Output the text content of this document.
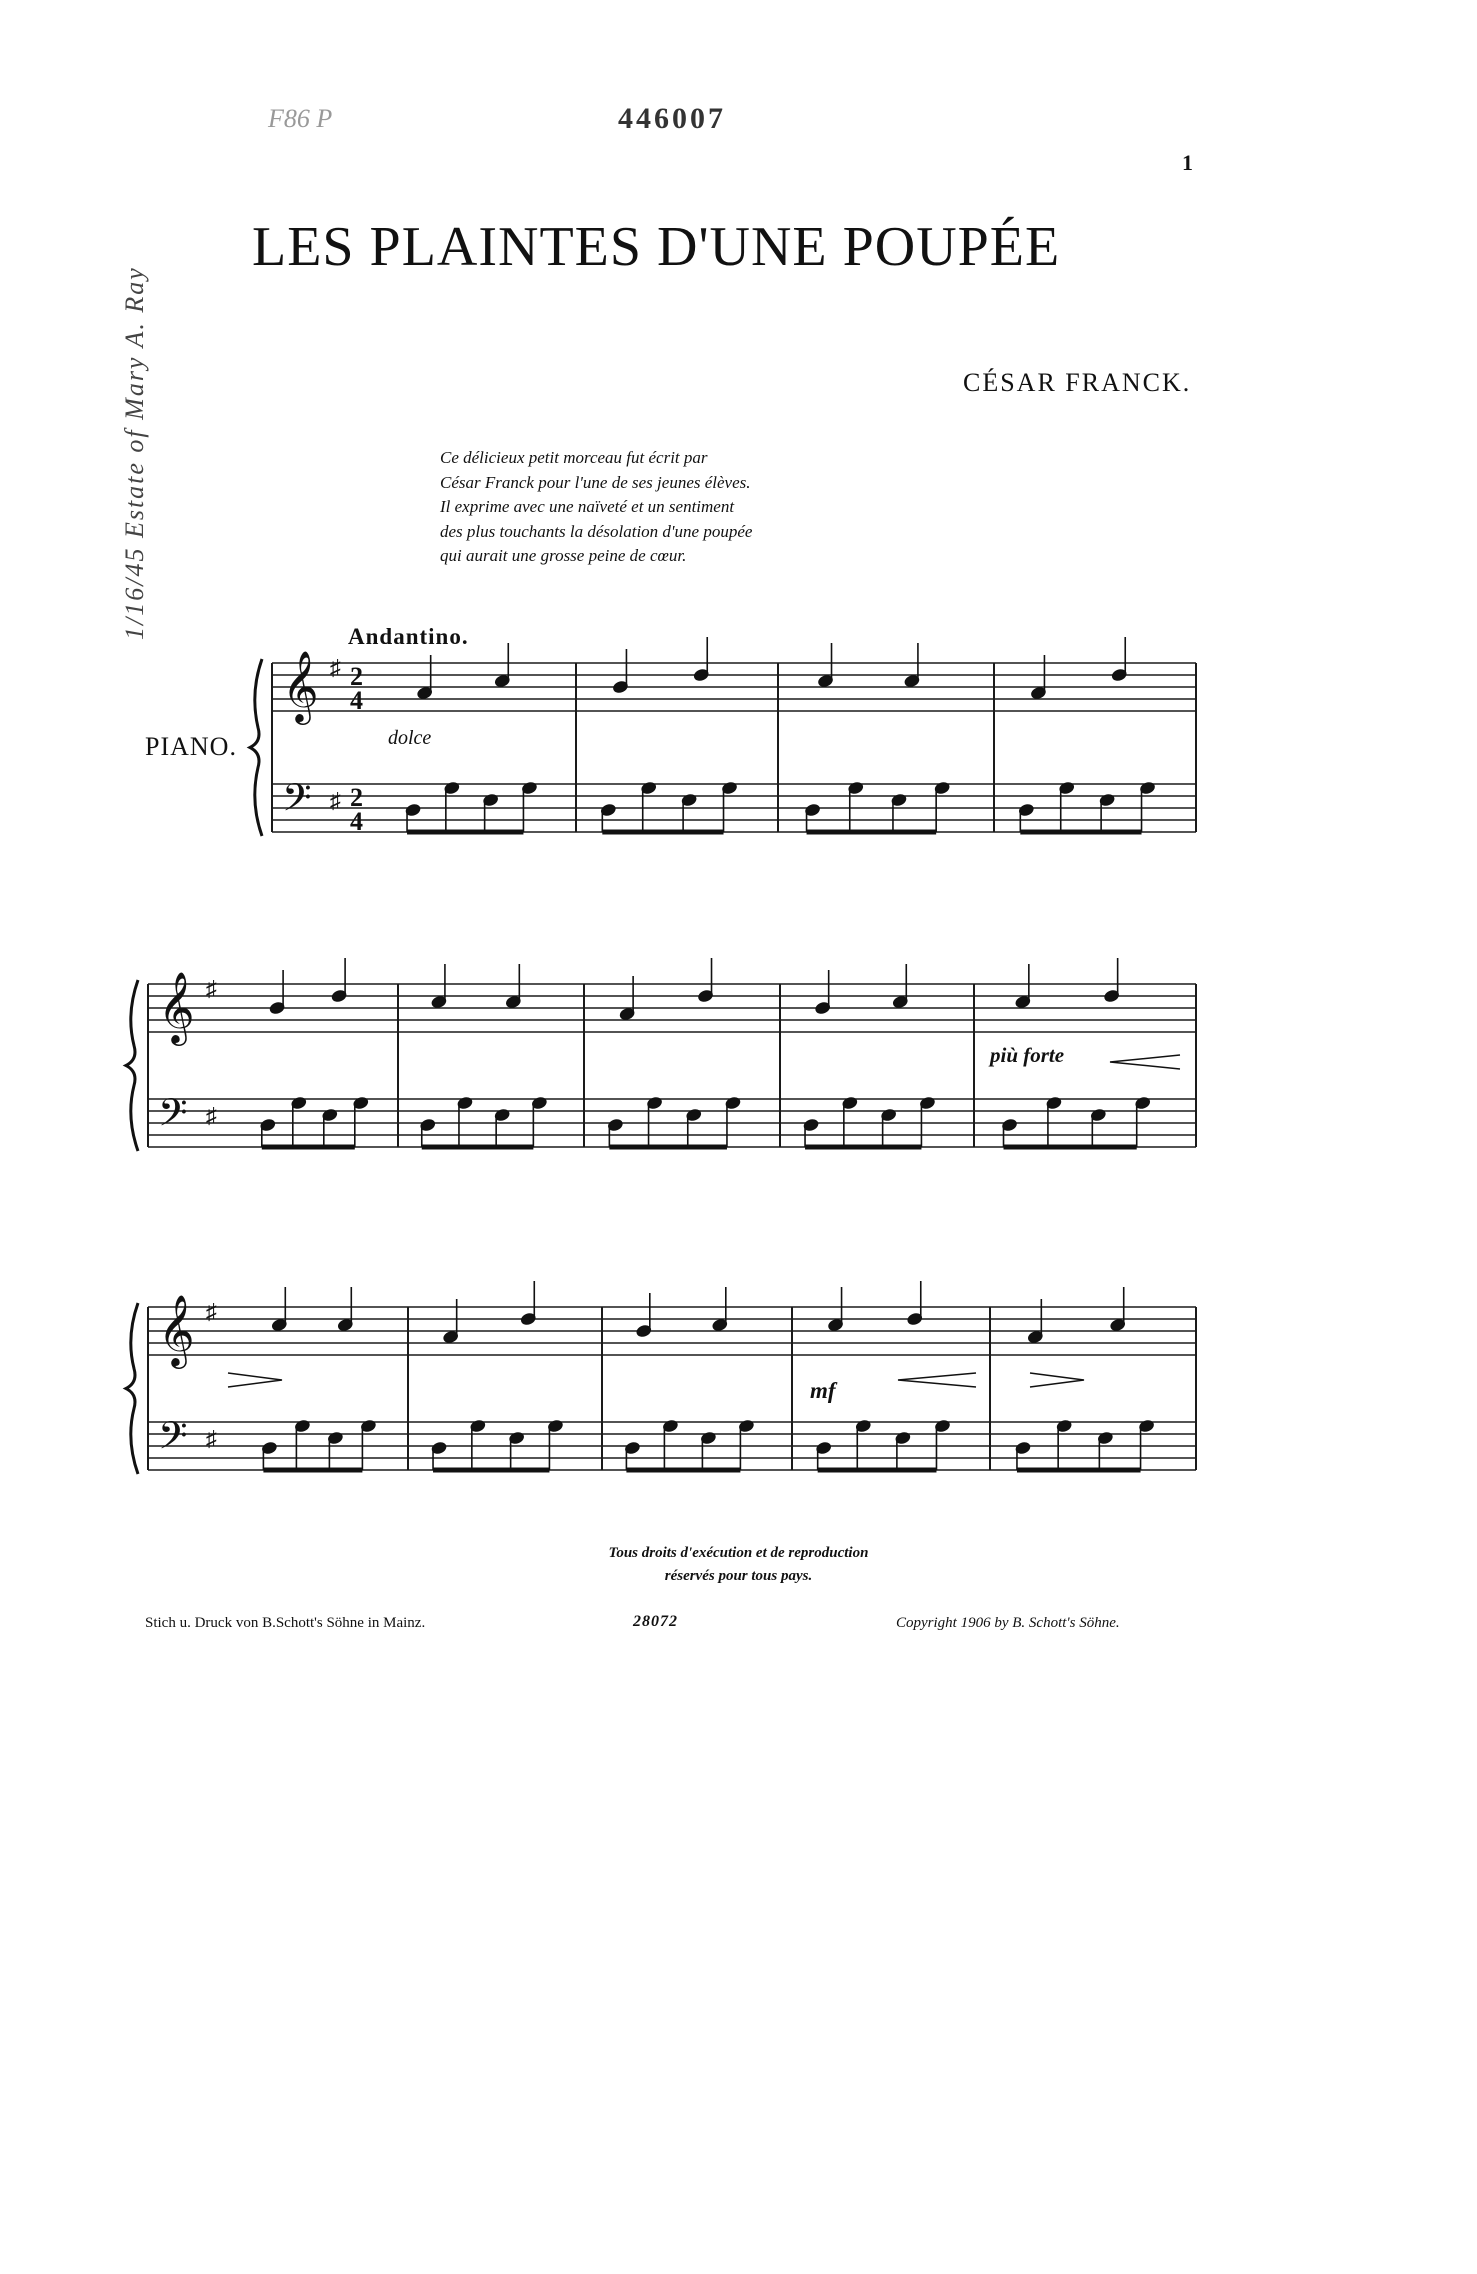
446007
F86 P
1/16/45 Estate of Mary A. Ray
1
LES PLAINTES D'UNE POUPÉE
CÉSAR FRANCK.
Ce délicieux petit morceau fut écrit par
César Franck pour l'une de ses jeunes élèves.
Il exprime avec une naïveté et un sentiment
des plus touchants la désolation d'une poupée
qui aurait une grosse peine de cœur.
Andantino.
PIANO.	dolce
più forte
mf
𝄞
𝄢
♯
♯
𝄞
𝄢
♯
♯
𝄞
𝄢
♯
♯
2
2
4
4
Tous droits d'exécution et de reproduction
réservés pour tous pays.
Stich u. Druck von B.Schott's Söhne in Mainz.	28072	Copyright 1906 by B. Schott's Söhne.
